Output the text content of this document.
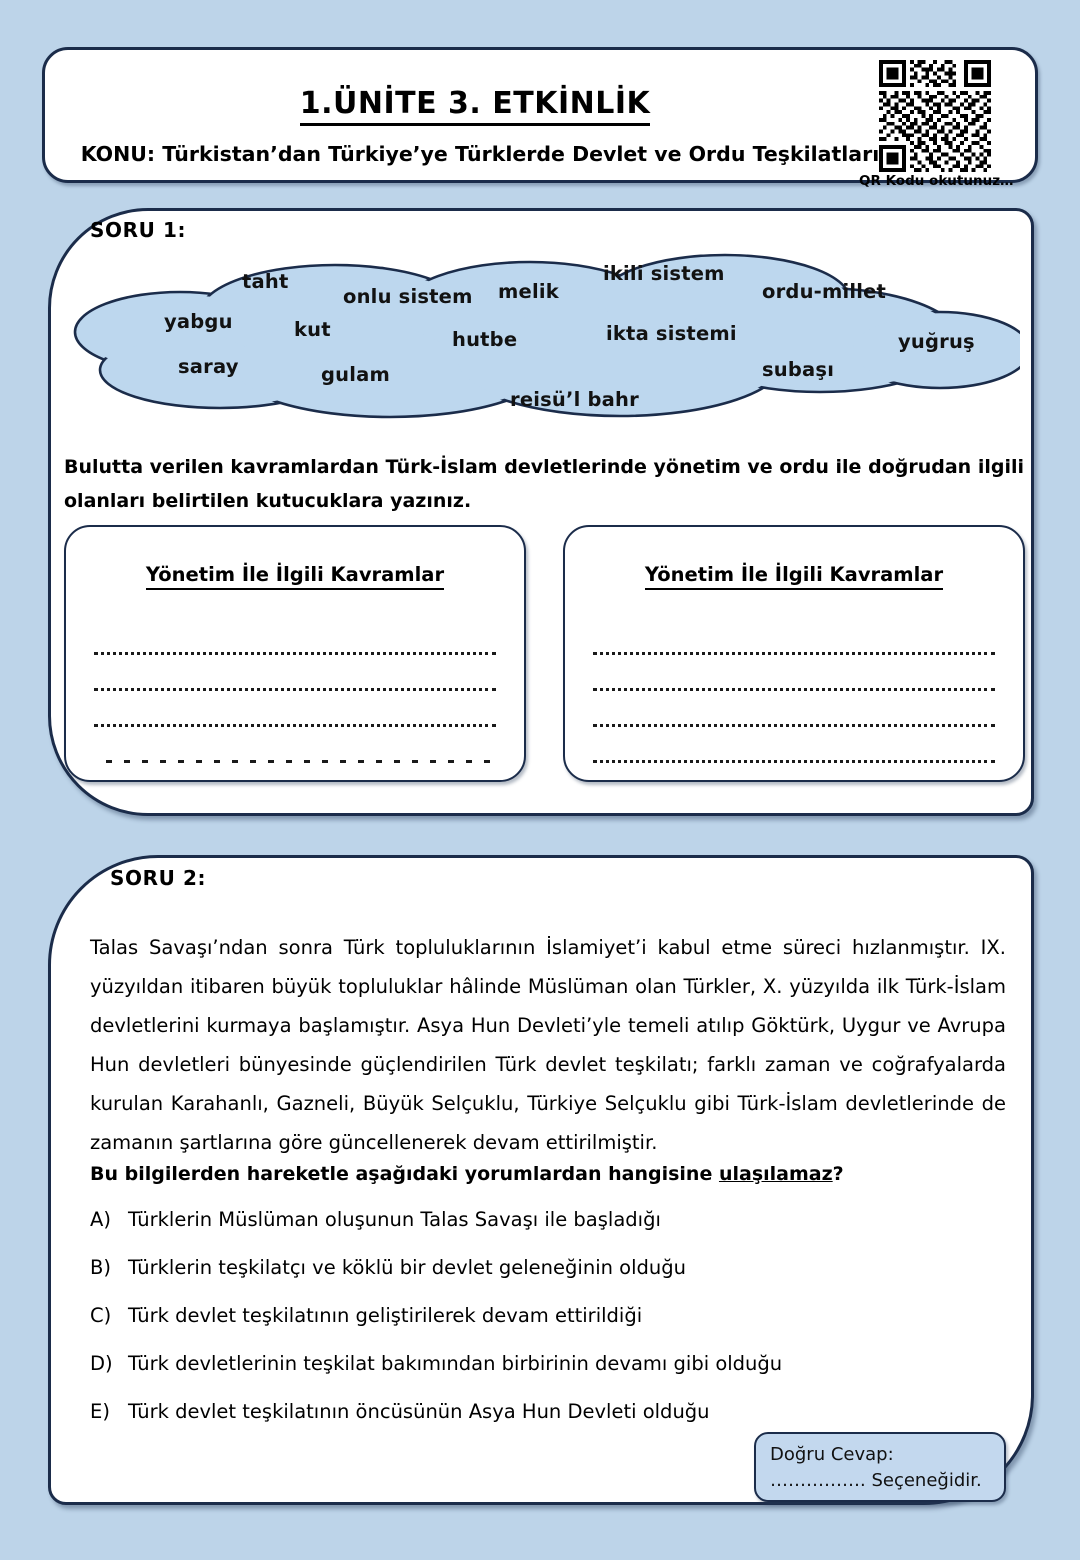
1.ÜNİTE 3. ETKİNLİK
KONU: Türkistan’dan Türkiye’ye Türklerde Devlet ve Ordu Teşkilatları
QR Kodu okutunuz…
SORU 1:
taht
onlu sistem melik
ikili sistem
ordu-millet
yabgu	kut	hutbe	ikta sistemi	yuğruş
saray	gulam	subaşı
reisü’l bahr
Bulutta verilen kavramlardan Türk-İslam devletlerinde yönetim ve ordu ile doğrudan ilgili olanları belirtilen kutucuklara yazınız.
Yönetim İle İlgili Kavramlar	Yönetim İle İlgili Kavramlar
SORU 2:
Talas Savaşı’ndan sonra Türk topluluklarının İslamiyet’i kabul etme süreci hızlanmıştır. IX. yüzyıldan itibaren büyük topluluklar hâlinde Müslüman olan Türkler, X. yüzyılda ilk Türk-İslam devletlerini kurmaya başlamıştır. Asya Hun Devleti’yle temeli atılıp Göktürk, Uygur ve Avrupa Hun devletleri bünyesinde güçlendirilen Türk devlet teşkilatı; farklı zaman ve coğrafyalarda kurulan Karahanlı, Gazneli, Büyük Selçuklu, Türkiye Selçuklu gibi Türk-İslam devletlerinde de zamanın şartlarına göre güncellenerek devam ettirilmiştir.
Bu bilgilerden hareketle aşağıdaki yorumlardan hangisine ulaşılamaz?
A) Türklerin Müslüman oluşunun Talas Savaşı ile başladığı
B) Türklerin teşkilatçı ve köklü bir devlet geleneğinin olduğu
C) Türk devlet teşkilatının geliştirilerek devam ettirildiği
D) Türk devletlerinin teşkilat bakımından birbirinin devamı gibi olduğu
E) Türk devlet teşkilatının öncüsünün Asya Hun Devleti olduğu
Doğru Cevap:
……………. Seçeneğidir.
